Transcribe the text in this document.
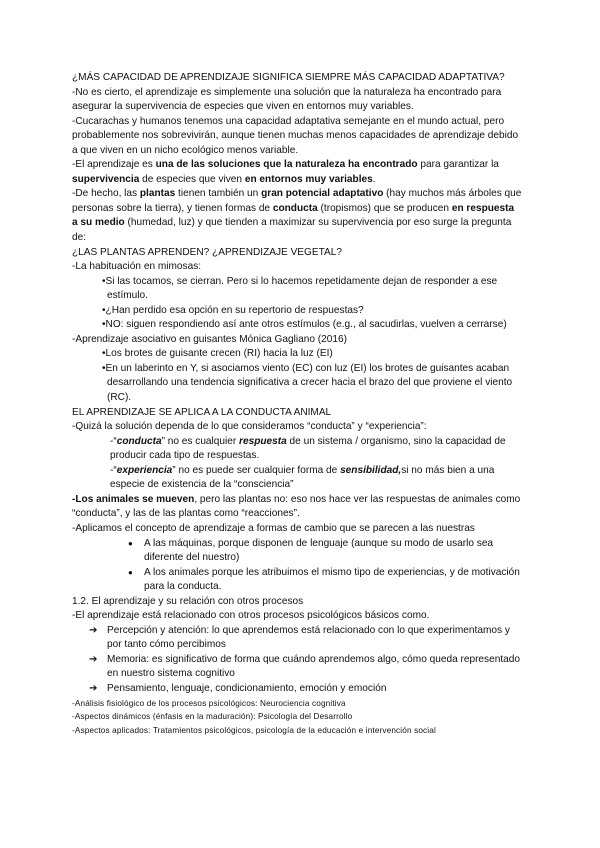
¿MÁS CAPACIDAD DE APRENDIZAJE SIGNIFICA SIEMPRE MÁS CAPACIDAD ADAPTATIVA?

-No es cierto, el aprendizaje es simplemente una solución que la naturaleza ha encontrado para asegurar la supervivencia de especies que viven en entornos muy variables.

-Cucarachas y humanos tenemos una capacidad adaptativa semejante en el mundo actual, pero probablemente nos sobrevivirán, aunque tienen muchas menos capacidades de aprendizaje debido a que viven en un nicho ecológico menos variable.

-El aprendizaje es una de las soluciones que la naturaleza ha encontrado para garantizar la supervivencia de especies que viven en entornos muy variables.

-De hecho, las plantas tienen también un gran potencial adaptativo (hay muchos más árboles que personas sobre la tierra), y tienen formas de conducta (tropismos) que se producen en respuesta a su medio (humedad, luz) y que tienden a maximizar su supervivencia por eso surge la pregunta de:

¿LAS PLANTAS APRENDEN? ¿APRENDIZAJE VEGETAL?

-La habituación en mimosas:

•Si las tocamos, se cierran. Pero si lo hacemos repetidamente dejan de responder a ese estímulo.

•¿Han perdido esa opción en su repertorio de respuestas?

•NO: siguen respondiendo así ante otros estímulos (e.g., al sacudirlas, vuelven a cerrarse)

-Aprendizaje asociativo en guisantes Mónica Gagliano (2016)

•Los brotes de guisante crecen (RI) hacia la luz (EI)

•En un laberinto en Y, si asociamos viento (EC) con luz (EI) los brotes de guisantes acaban desarrollando una tendencia significativa a crecer hacia el brazo del que proviene el viento (RC).

EL APRENDIZAJE SE APLICA A LA CONDUCTA ANIMAL

-Quizá la solución dependa de lo que consideramos “conducta” y “experiencia”:

-“conducta” no es cualquier respuesta de un sistema / organismo, sino la capacidad de producir cada tipo de respuestas.

-“experiencia” no es puede ser cualquier forma de sensibilidad,si no más bien a una especie de existencia de la “consciencia”

-Los animales se mueven, pero las plantas no: eso nos hace ver las respuestas de animales como “conducta”, y las de las plantas como “reacciones”.

-Aplicamos el concepto de aprendizaje a formas de cambio que se parecen a las nuestras

● A las máquinas, porque disponen de lenguaje (aunque su modo de usarlo sea diferente del nuestro)

● A los animales porque les atribuimos el mismo tipo de experiencias, y de motivación para la conducta.

1.2. El aprendizaje y su relación con otros procesos

-El aprendizaje está relacionado con otros procesos psicológicos básicos como.

➔ Percepción y atención: lo que aprendemos está relacionado con lo que experimentamos y por tanto cómo percibimos

➔ Memoria: es significativo de forma que cuándo aprendemos algo, cómo queda representado en nuestro sistema cognitivo

➔ Pensamiento, lenguaje, condicionamiento, emoción y emoción

-Análisis fisiológico de los procesos psicológicos: Neurociencia cognitiva

-Aspectos dinámicos (énfasis en la maduración): Psicología del Desarrollo

-Aspectos aplicados: Tratamientos psicológicos, psicología de la educación e intervención social
